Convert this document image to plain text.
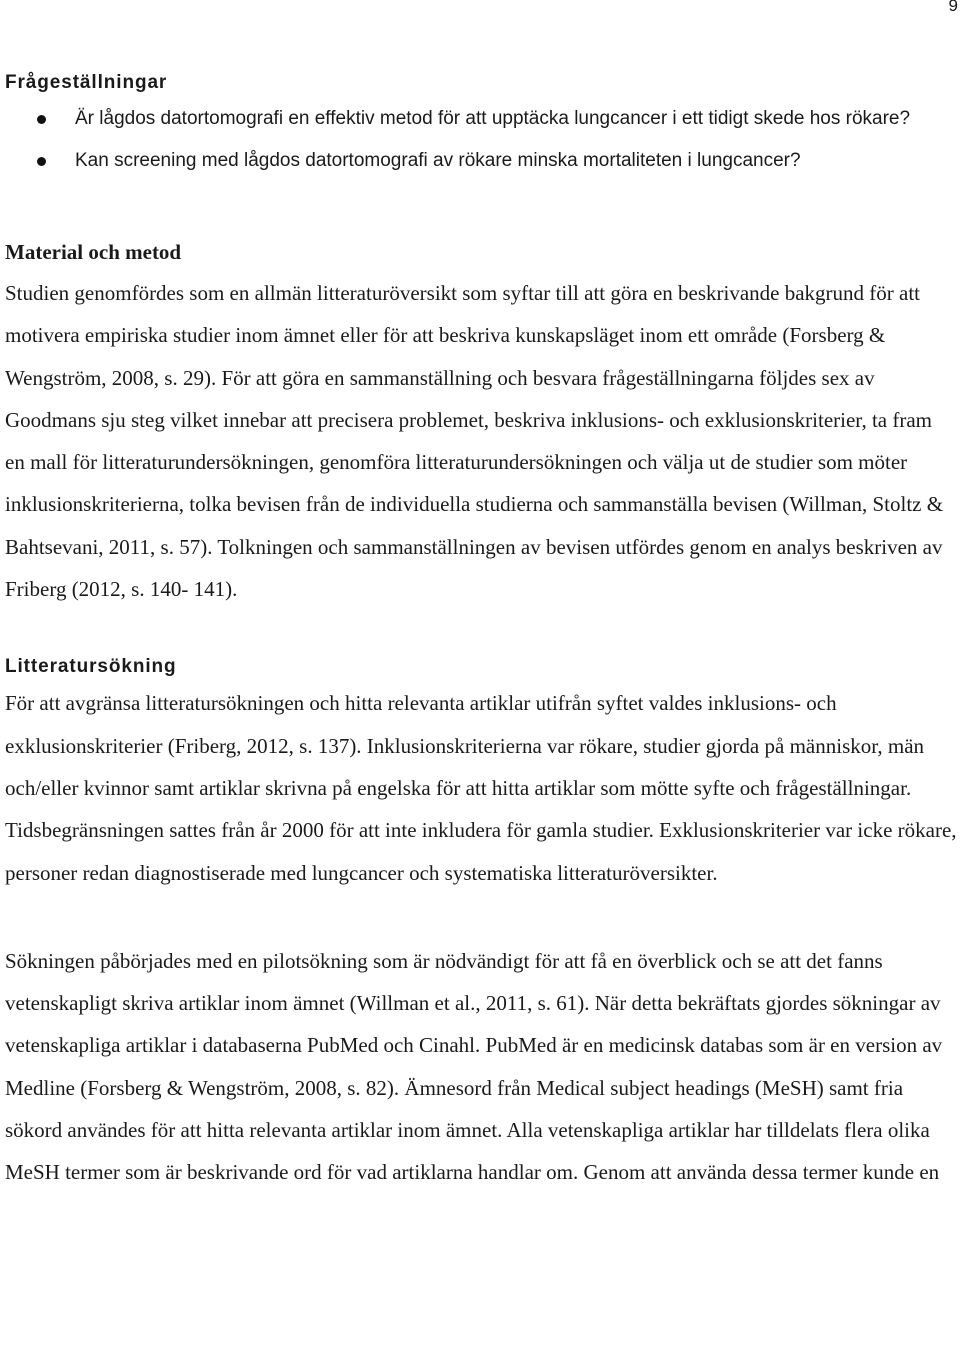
9
Frågeställningar
Är lågdos datortomografi en effektiv metod för att upptäcka lungcancer i ett tidigt skede hos rökare?
Kan screening med lågdos datortomografi av rökare minska mortaliteten i lungcancer?
Material och metod

Studien genomfördes som en allmän litteraturöversikt som syftar till att göra en beskrivande bakgrund för att motivera empiriska studier inom ämnet eller för att beskriva kunskapsläget inom ett område (Forsberg & Wengström, 2008, s. 29). För att göra en sammanställning och besvara frågeställningarna följdes sex av Goodmans sju steg vilket innebar att precisera problemet, beskriva inklusions- och exklusionskriterier, ta fram en mall för litteraturundersökningen, genomföra litteraturundersökningen och välja ut de studier som möter inklusionskriterierna, tolka bevisen från de individuella studierna och sammanställa bevisen (Willman, Stoltz & Bahtsevani, 2011, s. 57). Tolkningen och sammanställningen av bevisen utfördes genom en analys beskriven av Friberg (2012, s. 140- 141).

Litteratursökning

För att avgränsa litteratursökningen och hitta relevanta artiklar utifrån syftet valdes inklusions- och exklusionskriterier (Friberg, 2012, s. 137). Inklusionskriterierna var rökare, studier gjorda på människor, män och/eller kvinnor samt artiklar skrivna på engelska för att hitta artiklar som mötte syfte och frågeställningar. Tidsbegränsningen sattes från år 2000 för att inte inkludera för gamla studier. Exklusionskriterier var icke rökare, personer redan diagnostiserade med lungcancer och systematiska litteraturöversikter.

Sökningen påbörjades med en pilotsökning som är nödvändigt för att få en överblick och se att det fanns vetenskapligt skriva artiklar inom ämnet (Willman et al., 2011, s. 61). När detta bekräftats gjordes sökningar av vetenskapliga artiklar i databaserna PubMed och Cinahl. PubMed är en medicinsk databas som är en version av Medline (Forsberg & Wengström, 2008, s. 82). Ämnesord från Medical subject headings (MeSH) samt fria sökord användes för att hitta relevanta artiklar inom ämnet. Alla vetenskapliga artiklar har tilldelats flera olika MeSH termer som är beskrivande ord för vad artiklarna handlar om. Genom att använda dessa termer kunde en
